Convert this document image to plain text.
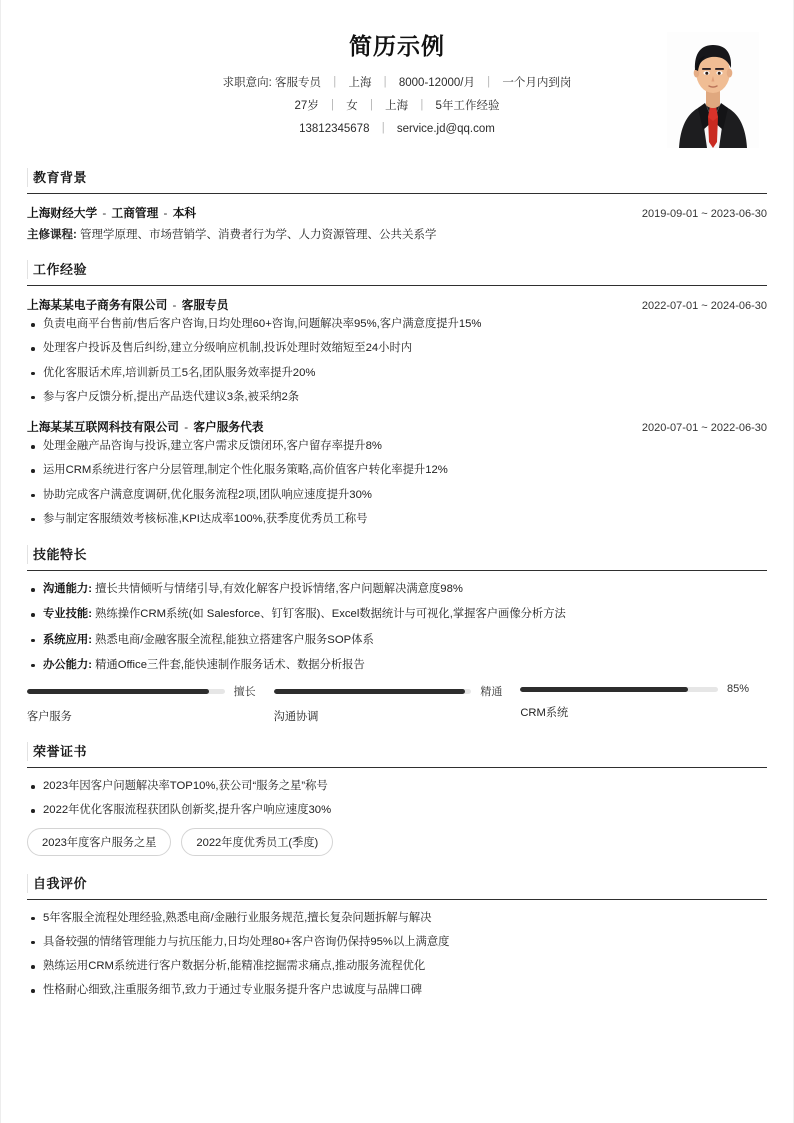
简历示例
求职意向: 客服专员 | 上海 | 8000-12000/月 | 一个月内到岗
27岁 | 女 | 上海 | 5年工作经验
13812345678 | service.jd@qq.com
教育背景
上海财经大学 - 工商管理 - 本科	2019-09-01 ~ 2023-06-30
主修课程: 管理学原理、市场营销学、消费者行为学、人力资源管理、公共关系学
工作经验
上海某某电子商务有限公司 - 客服专员	2022-07-01 ~ 2024-06-30
负责电商平台售前/售后客户咨询,日均处理60+咨询,问题解决率95%,客户满意度提升15%
处理客户投诉及售后纠纷,建立分级响应机制,投诉处理时效缩短至24小时内
优化客服话术库,培训新员工5名,团队服务效率提升20%
参与客户反馈分析,提出产品迭代建议3条,被采纳2条
上海某某互联网科技有限公司 - 客户服务代表	2020-07-01 ~ 2022-06-30
处理金融产品咨询与投诉,建立客户需求反馈闭环,客户留存率提升8%
运用CRM系统进行客户分层管理,制定个性化服务策略,高价值客户转化率提升12%
协助完成客户满意度调研,优化服务流程2项,团队响应速度提升30%
参与制定客服绩效考核标准,KPI达成率100%,获季度优秀员工称号
技能特长
沟通能力: 擅长共情倾听与情绪引导,有效化解客户投诉情绪,客户问题解决满意度98%
专业技能: 熟练操作CRM系统(如 Salesforce、钉钉客服)、Excel数据统计与可视化,掌握客户画像分析方法
系统应用: 熟悉电商/金融客服全流程,能独立搭建客户服务SOP体系
办公能力: 精通Office三件套,能快速制作服务话术、数据分析报告
擅长
客户服务
精通
沟通协调
85%
CRM系统
荣誉证书
2023年因客户问题解决率TOP10%,获公司“服务之星”称号
2022年优化客服流程获团队创新奖,提升客户响应速度30%
2023年度客户服务之星	2022年度优秀员工(季度)
自我评价
5年客服全流程处理经验,熟悉电商/金融行业服务规范,擅长复杂问题拆解与解决
具备较强的情绪管理能力与抗压能力,日均处理80+客户咨询仍保持95%以上满意度
熟练运用CRM系统进行客户数据分析,能精准挖掘需求痛点,推动服务流程优化
性格耐心细致,注重服务细节,致力于通过专业服务提升客户忠诚度与品牌口碑
